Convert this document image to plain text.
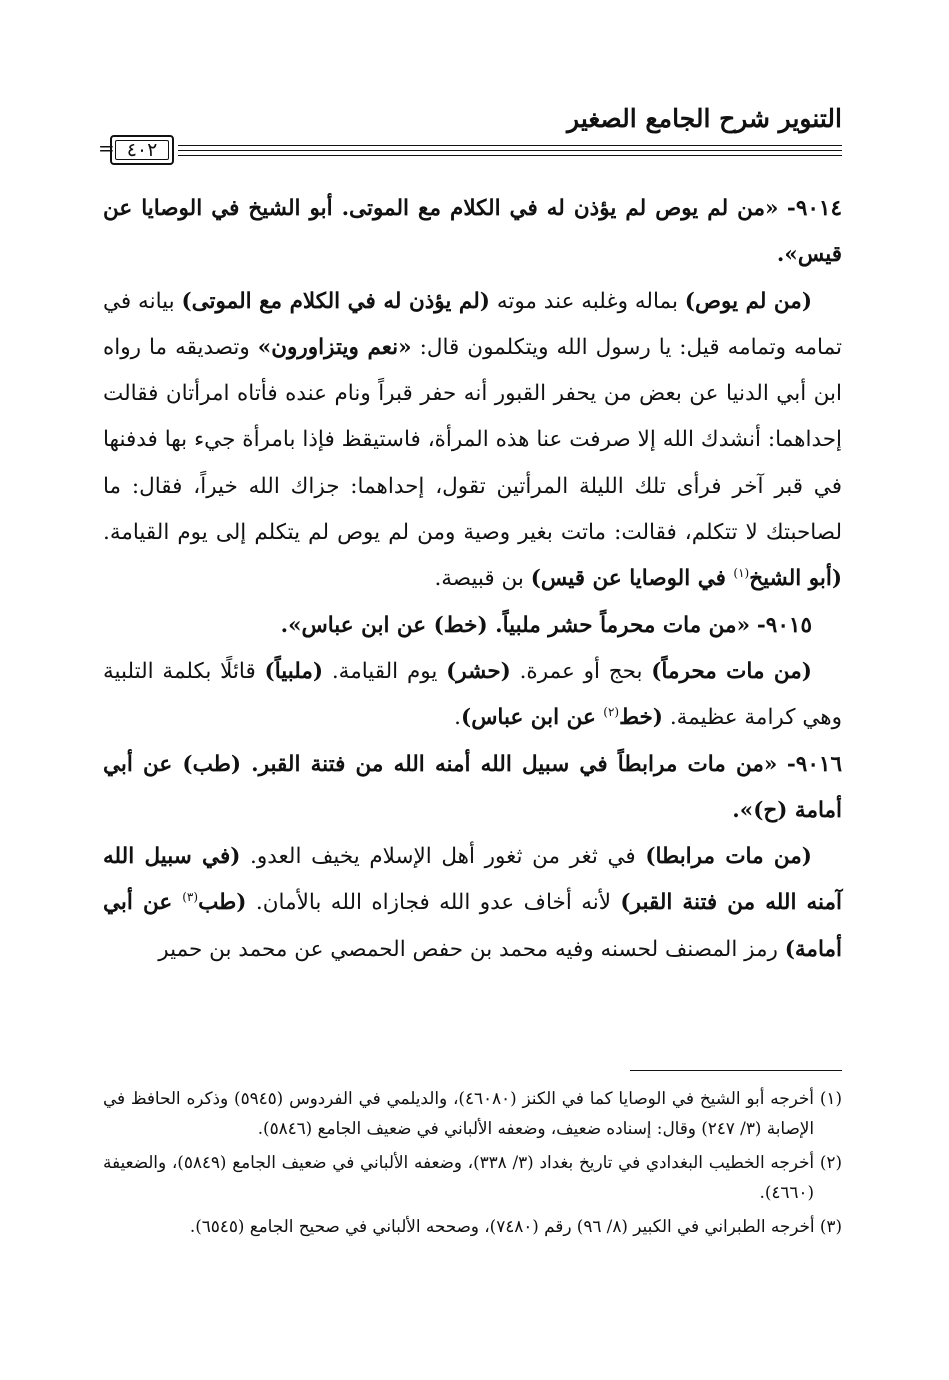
التنوير شرح الجامع الصغير
٤٠٢
=

٩٠١٤- «من لم يوص لم يؤذن له في الكلام مع الموتى. أبو الشيخ في الوصايا عن قيس».

(من لم يوص) بماله وغلبه عند موته (لم يؤذن له في الكلام مع الموتى) بيانه في تمامه وتمامه قيل: يا رسول الله ويتكلمون قال: «نعم ويتزاورون» وتصديقه ما رواه ابن أبي الدنيا عن بعض من يحفر القبور أنه حفر قبراً ونام عنده فأتاه امرأتان فقالت إحداهما: أنشدك الله إلا صرفت عنا هذه المرأة، فاستيقظ فإذا بامرأة جيء بها فدفنها في قبر آخر فرأى تلك الليلة المرأتين تقول، إحداهما: جزاك الله خيراً، فقال: ما لصاحبتك لا تتكلم، فقالت: ماتت بغير وصية ومن لم يوص لم يتكلم إلى يوم القيامة. (أبو الشيخ$^{(١)}$ في الوصايا عن قيس) بن قبيصة.

٩٠١٥- «من مات محرماً حشر ملبياً. (خط) عن ابن عباس».

(من مات محرماً) بحج أو عمرة. (حشر) يوم القيامة. (ملبياً) قائلًا بكلمة التلبية وهي كرامة عظيمة. (خط$^{(٢)}$ عن ابن عباس).

٩٠١٦- «من مات مرابطاً في سبيل الله أمنه الله من فتنة القبر. (طب) عن أبي أمامة (ح)».

(من مات مرابطا) في ثغر من ثغور أهل الإسلام يخيف العدو. (في سبيل الله آمنه الله من فتنة القبر) لأنه أخاف عدو الله فجازاه الله بالأمان. (طب$^{(٣)}$ عن أبي أمامة) رمز المصنف لحسنه وفيه محمد بن حفص الحمصي عن محمد بن حمير

(١) أخرجه أبو الشيخ في الوصايا كما في الكنز (٤٦٠٨٠)، والديلمي في الفردوس (٥٩٤٥) وذكره الحافظ في الإصابة (٣/ ٢٤٧) وقال: إسناده ضعيف، وضعفه الألباني في ضعيف الجامع (٥٨٤٦).

(٢) أخرجه الخطيب البغدادي في تاريخ بغداد (٣/ ٣٣٨)، وضعفه الألباني في ضعيف الجامع (٥٨٤٩)، والضعيفة (٤٦٦٠).

(٣) أخرجه الطبراني في الكبير (٨/ ٩٦) رقم (٧٤٨٠)، وصححه الألباني في صحيح الجامع (٦٥٤٥).
